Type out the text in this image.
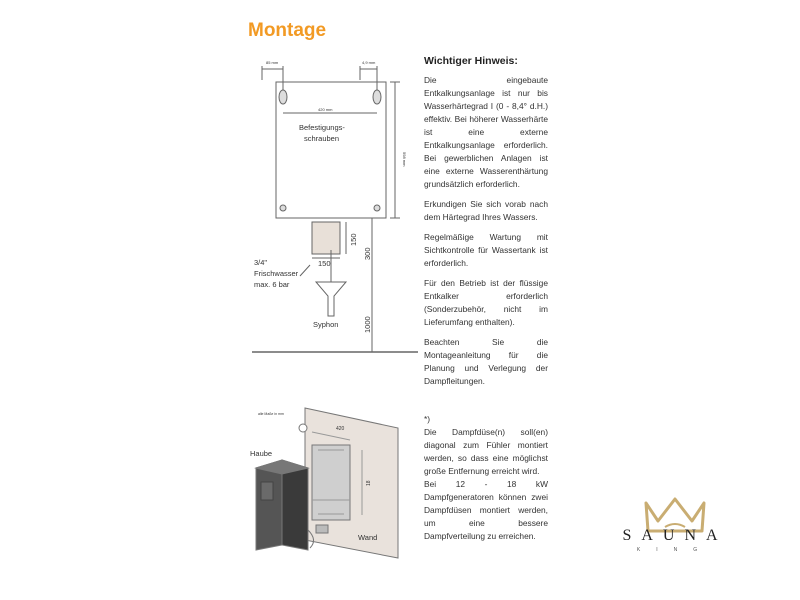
Montage
85 mm	4,9 mm
420 mm
598 mm
Befestigungs-
schrauben
150
150
300
1000
3/4"
Frischwasser
max. 6 bar
Syphon
alle Maße in mm
420
18
Haube
Wand
Wichtiger Hinweis:

Die eingebaute Entkalkungsanlage ist nur bis Wasserhärtegrad I (0 - 8,4° d.H.) effektiv. Bei höherer Wasserhärte ist eine externe Entkalkungsanlage erforderlich. Bei gewerblichen Anlagen ist eine externe Wasserenthärtung grundsätzlich erforderlich.

Erkundigen Sie sich vorab nach dem Härtegrad Ihres Wassers.

Regelmäßige Wartung mit Sichtkontrolle für Wassertank ist erforderlich.

Für den Betrieb ist der flüssige Entkalker erforderlich (Sonderzubehör, nicht im Lieferumfang enthalten).

Beachten Sie die Montageanleitung für die Planung und Verlegung der Dampfleitungen.

*)

Die Dampfdüse(n) soll(en) diagonal zum Fühler montiert werden, so dass eine möglichst große Entfernung erreicht wird.

Bei 12 - 18 kW Dampfgeneratoren können zwei Dampfdüsen montiert werden, um eine bessere Dampfverteilung zu erreichen.	SAUNA
KING
